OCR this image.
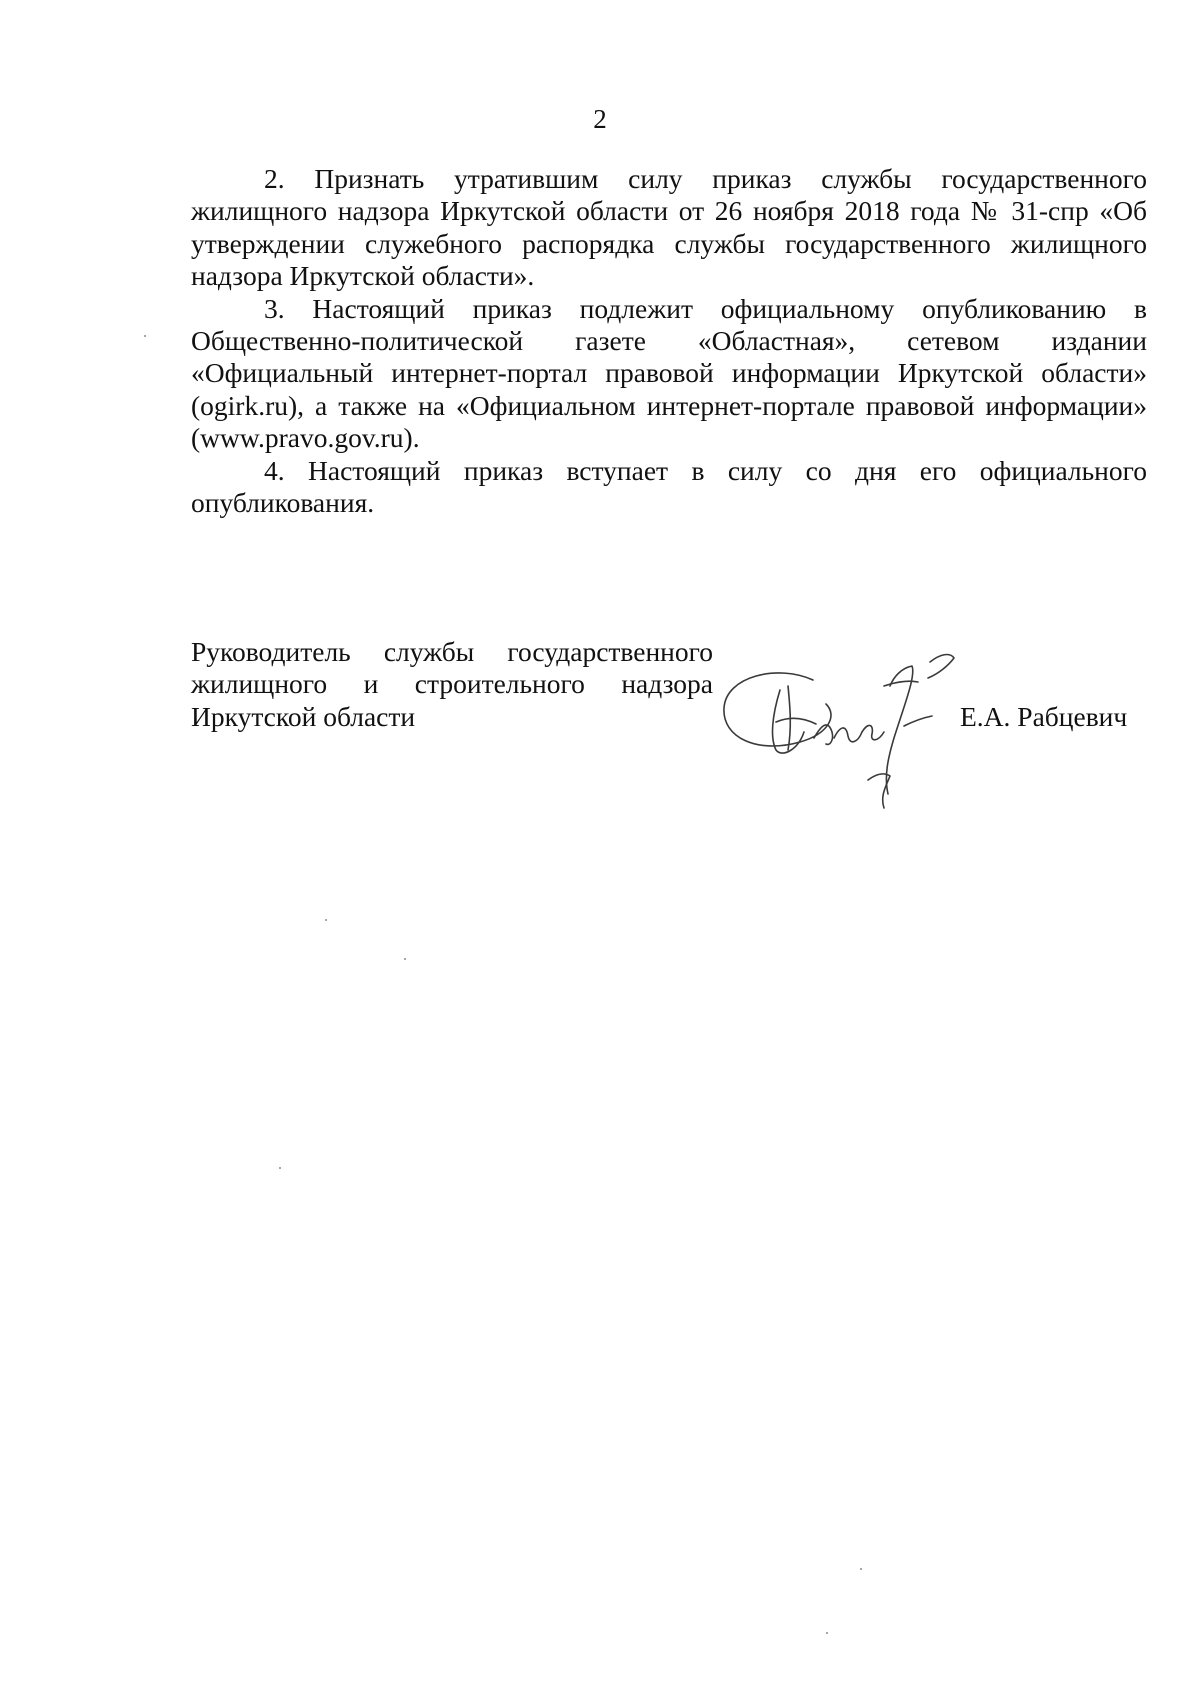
2

2. Признать утратившим силу приказ службы государственного жилищного надзора Иркутской области от 26 ноября 2018 года № 31-спр «Об утверждении служебного распорядка службы государственного жилищного надзора Иркутской области».

3. Настоящий приказ подлежит официальному опубликованию в Общественно-политической газете «Областная», сетевом издании «Официальный интернет-портал правовой информации Иркутской области» (ogirk.ru), а также на «Официальном интернет-портале правовой информации» (www.pravo.gov.ru).

4. Настоящий приказ вступает в силу со дня его официального опубликования.

Руководитель службы государственного
жилищного и строительного надзора
Иркутской области	Е.А. Рабцевич
